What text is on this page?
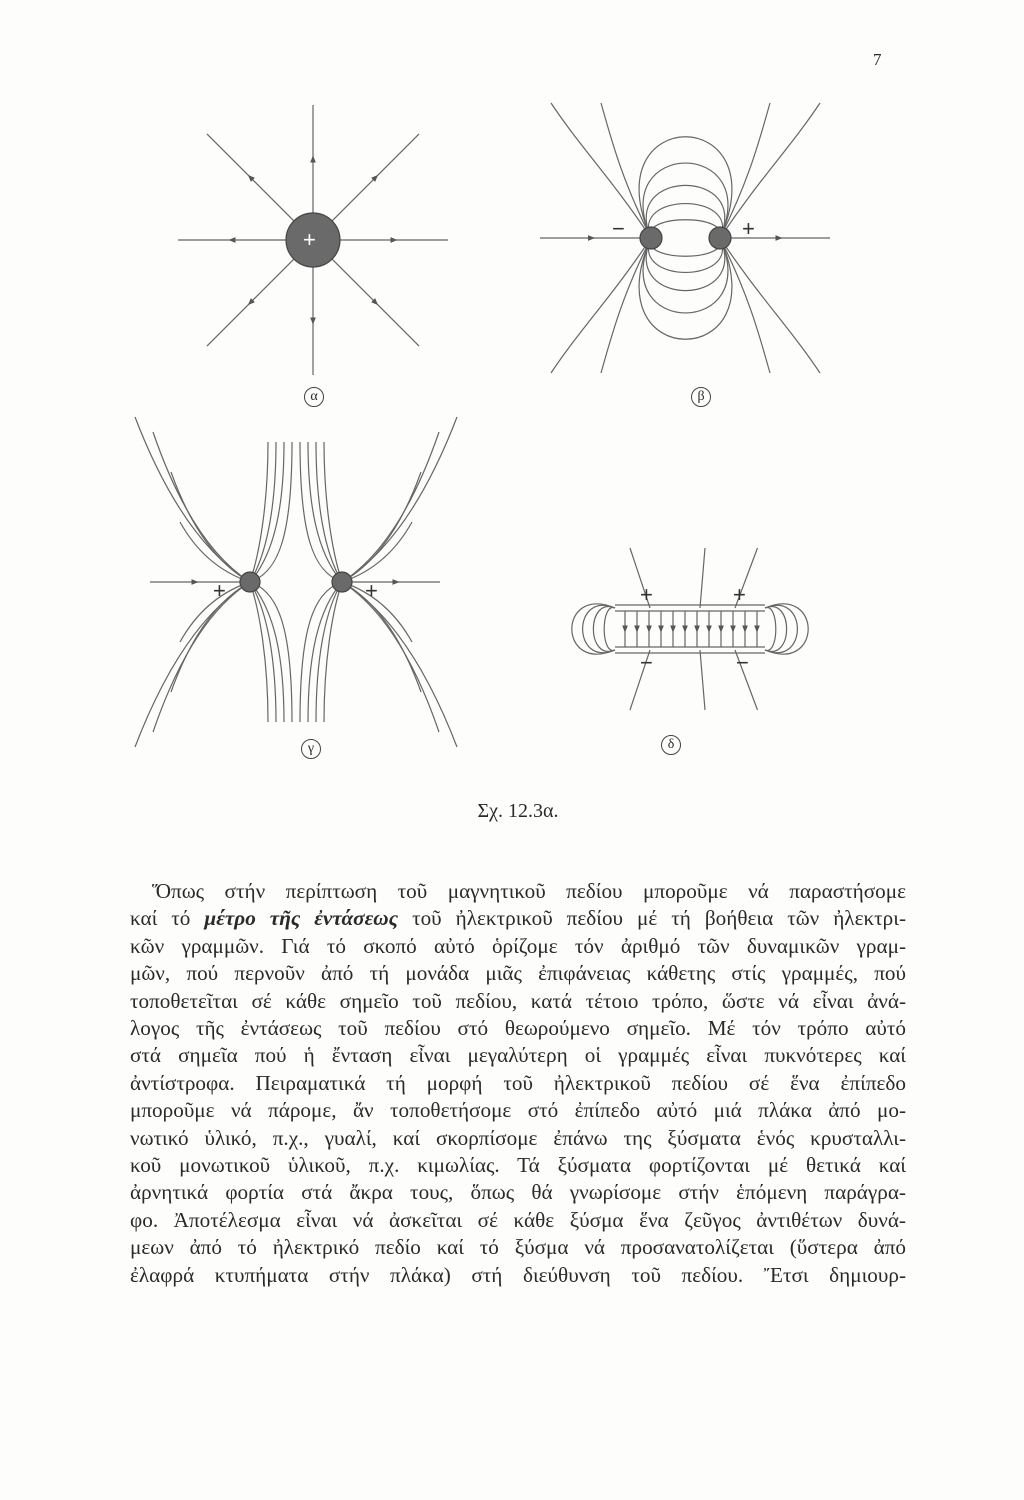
7
α	β
γ	δ
+	−	+
+	+	+	+
−	−
Σχ. 12.3α.
Ὅπως στήν περίπτωση τοῦ μαγνητικοῦ πεδίου μποροῦμε νά παραστήσομε
καί τό μέτρο τῆς ἐντάσεως τοῦ ἠλεκτρικοῦ πεδίου μέ τή βοήθεια τῶν ἠλεκτρι-
κῶν γραμμῶν. Γιά τό σκοπό αὐτό ὁρίζομε τόν ἀριθμό τῶν δυναμικῶν γραμ-
μῶν, πού περνοῦν ἀπό τή μονάδα μιᾶς ἐπιφάνειας κάθετης στίς γραμμές, πού
τοποθετεῖται σέ κάθε σημεῖο τοῦ πεδίου, κατά τέτοιο τρόπο, ὥστε νά εἶναι ἀνά-
λογος τῆς ἐντάσεως τοῦ πεδίου στό θεωρούμενο σημεῖο. Μέ τόν τρόπο αὐτό
στά σημεῖα πού ἡ ἔνταση εἶναι μεγαλύτερη οἱ γραμμές εἶναι πυκνότερες καί
ἀντίστροφα. Πειραματικά τή μορφή τοῦ ἠλεκτρικοῦ πεδίου σέ ἕνα ἐπίπεδο
μποροῦμε νά πάρομε, ἄν τοποθετήσομε στό ἐπίπεδο αὐτό μιά πλάκα ἀπό μο-
νωτικό ὑλικό, π.χ., γυαλί, καί σκορπίσομε ἐπάνω της ξύσματα ἑνός κρυσταλλι-
κοῦ μονωτικοῦ ὑλικοῦ, π.χ. κιμωλίας. Τά ξύσματα φορτίζονται μέ θετικά καί
ἀρνητικά φορτία στά ἄκρα τους, ὅπως θά γνωρίσομε στήν ἑπόμενη παράγρα-
φο. Ἀποτέλεσμα εἶναι νά ἀσκεῖται σέ κάθε ξύσμα ἕνα ζεῦγος ἀντιθέτων δυνά-
μεων ἀπό τό ἠλεκτρικό πεδίο καί τό ξύσμα νά προσανατολίζεται (ὕστερα ἀπό
ἐλαφρά κτυπήματα στήν πλάκα) στή διεύθυνση τοῦ πεδίου. Ἔτσι δημιουρ-
